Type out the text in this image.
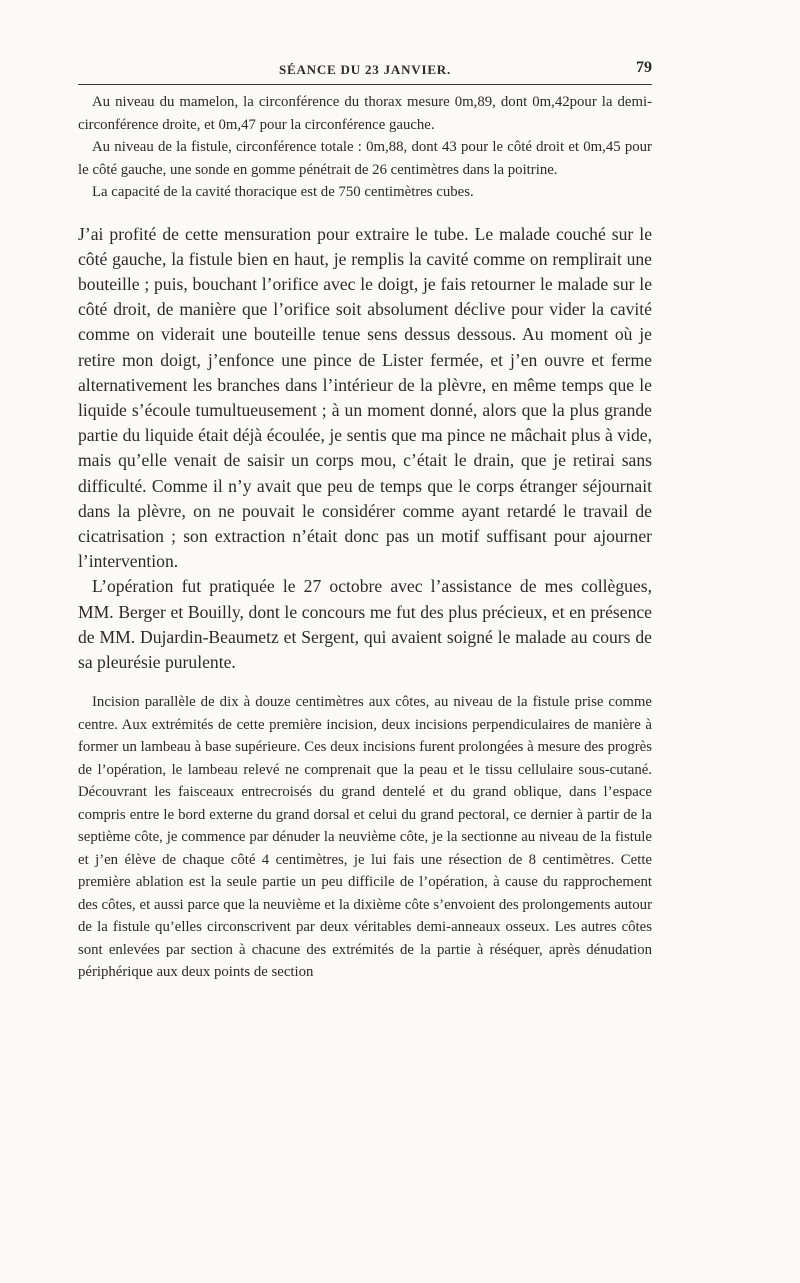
SÉANCE DU 23 JANVIER.	79

Au niveau du mamelon, la circonférence du thorax mesure 0m,89, dont 0m,42pour la demi-circonférence droite, et 0m,47 pour la circonférence gauche.

Au niveau de la fistule, circonférence totale : 0m,88, dont 43 pour le côté droit et 0m,45 pour le côté gauche, une sonde en gomme pénétrait de 26 centimètres dans la poitrine.

La capacité de la cavité thoracique est de 750 centimètres cubes.

J’ai profité de cette mensuration pour extraire le tube. Le malade couché sur le côté gauche, la fistule bien en haut, je remplis la cavité comme on remplirait une bouteille ; puis, bouchant l’orifice avec le doigt, je fais retourner le malade sur le côté droit, de manière que l’orifice soit absolument déclive pour vider la cavité comme on viderait une bouteille tenue sens dessus dessous. Au moment où je retire mon doigt, j’enfonce une pince de Lister fermée, et j’en ouvre et ferme alternativement les branches dans l’intérieur de la plèvre, en même temps que le liquide s’écoule tumultueusement ; à un moment donné, alors que la plus grande partie du liquide était déjà écoulée, je sentis que ma pince ne mâchait plus à vide, mais qu’elle venait de saisir un corps mou, c’était le drain, que je retirai sans difficulté. Comme il n’y avait que peu de temps que le corps étranger séjournait dans la plèvre, on ne pouvait le considérer comme ayant retardé le travail de cicatrisation ; son extraction n’était donc pas un motif suffisant pour ajourner l’intervention.

L’opération fut pratiquée le 27 octobre avec l’assistance de mes collègues, MM. Berger et Bouilly, dont le concours me fut des plus précieux, et en présence de MM. Dujardin-Beaumetz et Sergent, qui avaient soigné le malade au cours de sa pleurésie purulente.

Incision parallèle de dix à douze centimètres aux côtes, au niveau de la fistule prise comme centre. Aux extrémités de cette première incision, deux incisions perpendiculaires de manière à former un lambeau à base supérieure. Ces deux incisions furent prolongées à mesure des progrès de l’opération, le lambeau relevé ne comprenait que la peau et le tissu cellulaire sous-cutané. Découvrant les faisceaux entrecroisés du grand dentelé et du grand oblique, dans l’espace compris entre le bord externe du grand dorsal et celui du grand pectoral, ce dernier à partir de la septième côte, je commence par dénuder la neuvième côte, je la sectionne au niveau de la fistule et j’en élève de chaque côté 4 centimètres, je lui fais une résection de 8 centimètres. Cette première ablation est la seule partie un peu difficile de l’opération, à cause du rapprochement des côtes, et aussi parce que la neuvième et la dixième côte s’envoient des prolongements autour de la fistule qu’elles circonscrivent par deux véritables demi-anneaux osseux. Les autres côtes sont enlevées par section à chacune des extrémités de la partie à réséquer, après dénudation périphérique aux deux points de section
